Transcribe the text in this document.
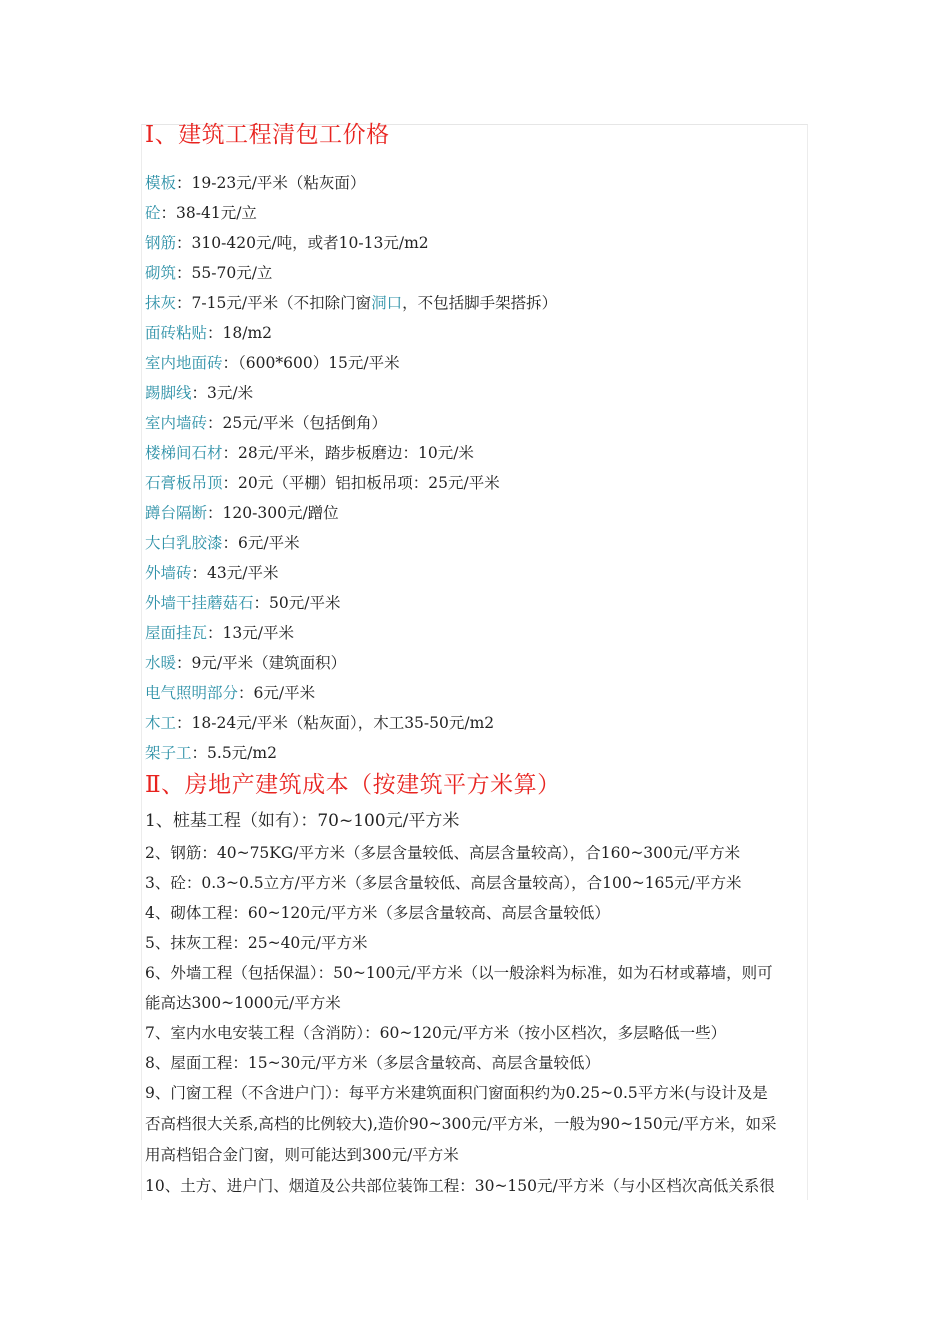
Ⅰ、建筑工程清包工价格
模板：19-23元/平米（粘灰面）
砼：38-41元/立
钢筋：310-420元/吨，或者10-13元/m2
砌筑：55-70元/立
抹灰：7-15元/平米（不扣除门窗洞口，不包括脚手架搭拆）
面砖粘贴：18/m2
室内地面砖：（600*600）15元/平米
踢脚线：3元/米
室内墙砖：25元/平米（包括倒角）
楼梯间石材：28元/平米，踏步板磨边：10元/米
石膏板吊顶：20元（平棚）铝扣板吊项：25元/平米
蹲台隔断：120-300元/蹭位
大白乳胶漆：6元/平米
外墙砖：43元/平米
外墙干挂蘑菇石：50元/平米
屋面挂瓦：13元/平米
水暖：9元/平米（建筑面积）
电气照明部分：6元/平米
木工：18-24元/平米（粘灰面），木工35-50元/m2
架子工：5.5元/m2
Ⅱ、房地产建筑成本（按建筑平方米算）
1、桩基工程（如有）：70~100元/平方米
2、钢筋：40~75KG/平方米（多层含量较低、高层含量较高），合160~300元/平方米
3、砼：0.3~0.5立方/平方米（多层含量较低、高层含量较高），合100~165元/平方米
4、砌体工程：60~120元/平方米（多层含量较高、高层含量较低）
5、抹灰工程：25~40元/平方米
6、外墙工程（包括保温）：50~100元/平方米（以一般涂料为标准，如为石材或幕墙，则可
能高达300~1000元/平方米
7、室内水电安装工程（含消防）：60~120元/平方米（按小区档次，多层略低一些）
8、屋面工程：15~30元/平方米（多层含量较高、高层含量较低）
9、门窗工程（不含进户门）：每平方米建筑面积门窗面积约为0.25~0.5平方米(与设计及是
否高档很大关系,高档的比例较大),造价90~300元/平方米，一般为90~150元/平方米，如采
用高档铝合金门窗，则可能达到300元/平方米
10、土方、进户门、烟道及公共部位装饰工程：30~150元/平方米（与小区档次高低关系很
